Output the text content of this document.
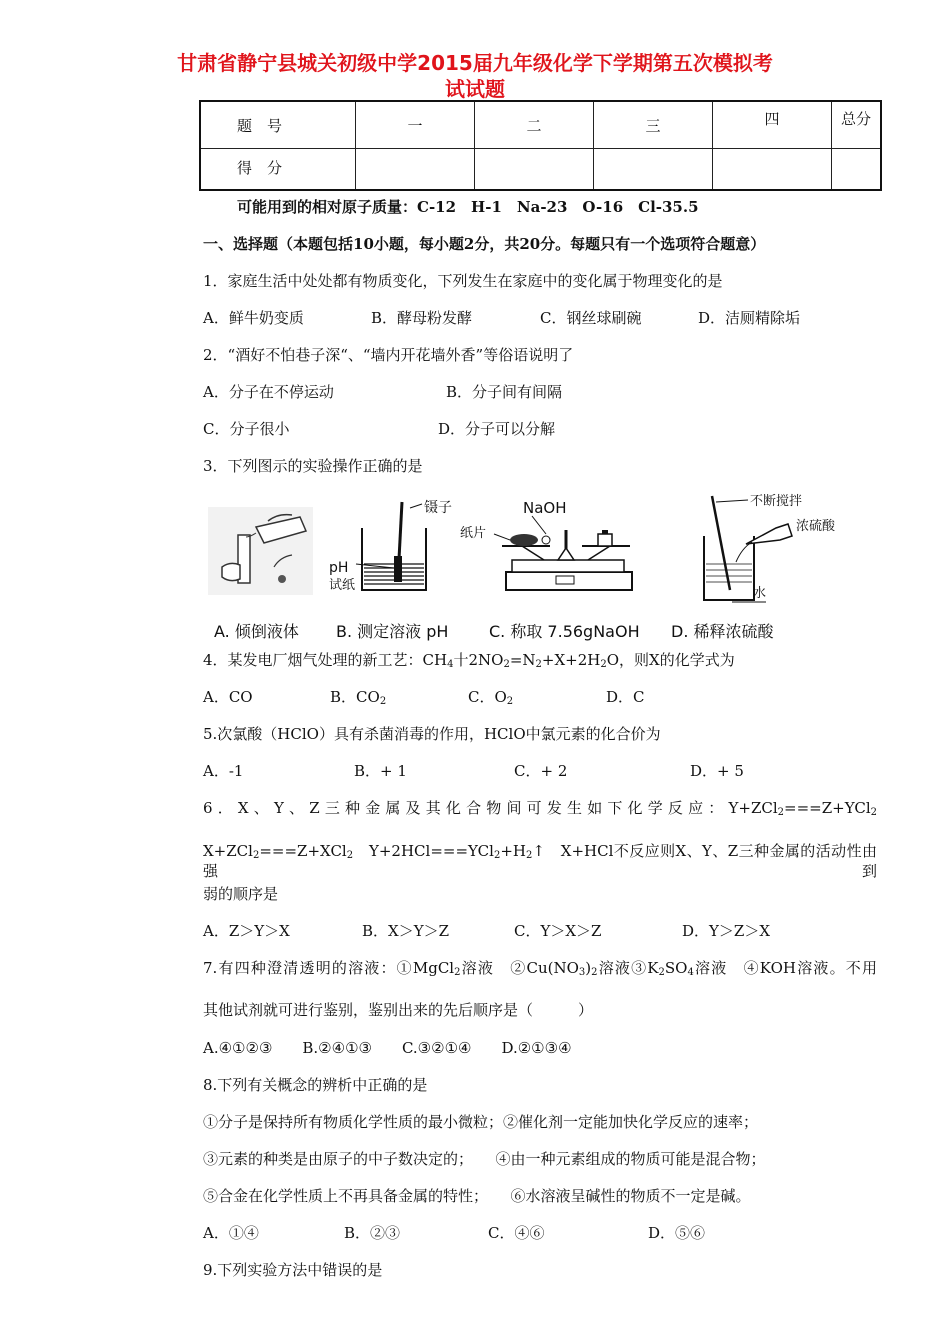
甘肃省静宁县城关初级中学2015届九年级化学下学期第五次模拟考
试试题
题　号	一	二	三	四	总分
得　分					
可能用到的相对原子质量：C-12　H-1　Na-23　O-16　Cl-35.5
一、选择题（本题包括10小题，每小题2分，共20分。每题只有一个选项符合题意）
1．家庭生活中处处都有物质变化，下列发生在家庭中的变化属于物理变化的是
A．鲜牛奶变质	B．酵母粉发酵	C．钢丝球刷碗	D．洁厕精除垢
2．“酒好不怕巷子深“、“墙内开花墙外香”等俗语说明了
A．分子在不停运动	B．分子间有间隔
C．分子很小	D．分子可以分解
3．下列图示的实验操作正确的是
镊子
pH
试纸
NaOH
纸片
不断搅拌
浓硫酸
水
A. 倾倒液体 B. 测定溶液 pH	C. 称取 7.56gNaOH D. 稀释浓硫酸
4．某发电厂烟气处理的新工艺：$CH_4$十$2NO_2=N_2+X+2H_2O$，则X的化学式为
A．CO	B．$CO_2$	C．$O_2$	D．C
5.次氯酸（HClO）具有杀菌消毒的作用，HClO中氯元素的化合价为
A．-1	B．+ 1	C．+ 2	D．+ 5
6．X、Y、Z三种金属及其化合物间可发生如下化学反应：Y+ZCl$_2$===Z+YCl$_2$
X+ZCl$_2$===Z+XCl$_2$　 $Y+2HCl===YCl_2+H_2↑$　 X+HCl不反应则X、Y、Z三种金属的活动性由强到
弱的顺序是
A．Z＞Y＞X	B．X＞Y＞Z	C．Y＞X＞Z	D．Y＞Z＞X
7.有四种澄清透明的溶液：①MgCl$_2$溶液　$②Cu(NO_3)_2$溶液$③K_2SO_4$溶液　④KOH溶液。不用
其他试剂就可进行鉴别，鉴别出来的先后顺序是（　　　）
A.④①②③　　B.②④①③　　C.③②①④　　D.②①③④
8.下列有关概念的辨析中正确的是
①分子是保持所有物质化学性质的最小微粒；②催化剂一定能加快化学反应的速率；
③元素的种类是由原子的中子数决定的；　　④由一种元素组成的物质可能是混合物；
⑤合金在化学性质上不再具备金属的特性；　　⑥水溶液呈碱性的物质不一定是碱。
A．①④	B．②③	C．④⑥	D．⑤⑥
9.下列实验方法中错误的是
